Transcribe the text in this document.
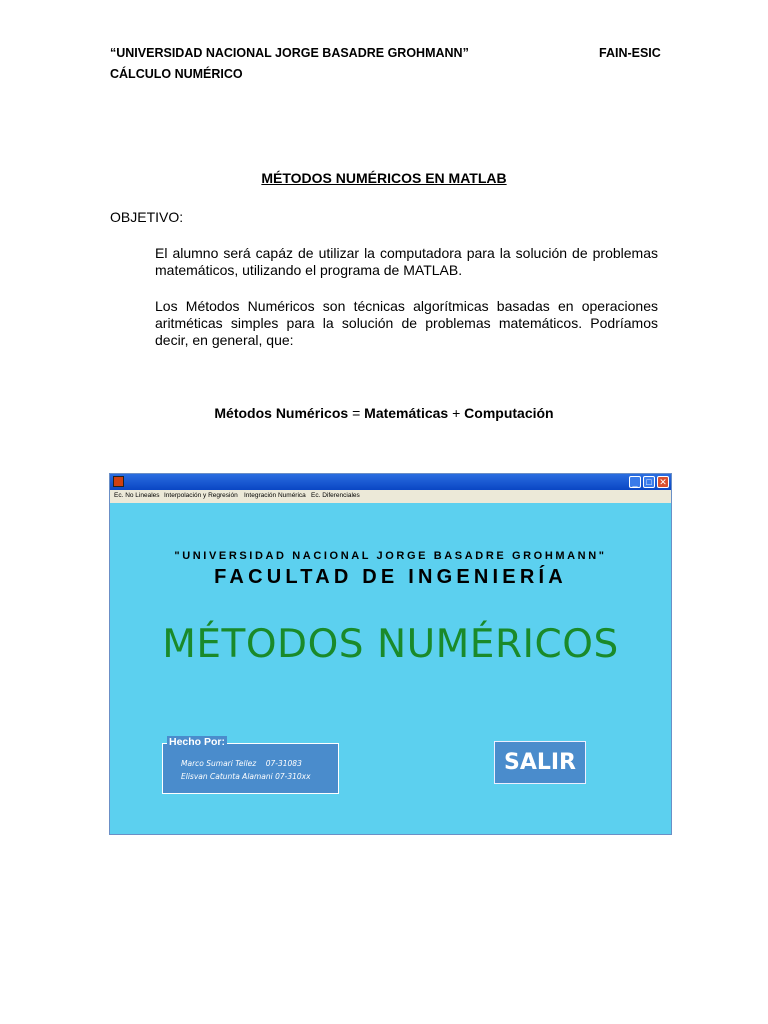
“UNIVERSIDAD NACIONAL JORGE BASADRE GROHMANN”
CÁLCULO NUMÉRICO
FAIN-ESIC
MÉTODOS NUMÉRICOS EN MATLAB
OBJETIVO:
El alumno será capáz de utilizar la computadora para la solución de problemas matemáticos, utilizando el programa de MATLAB.
Los Métodos Numéricos son técnicas algorítmicas basadas en operaciones aritméticas simples para la solución de problemas matemáticos. Podríamos decir, en general, que:
Métodos Numéricos = Matemáticas + Computación
_ □ ✕
Ec. No Lineales Interpolación y Regresión Integración Numérica Ec. Diferenciales
"UNIVERSIDAD NACIONAL JORGE BASADRE GROHMANN"
FACULTAD DE INGENIERÍA
MÉTODOS NUMÉRICOS
Marco Sumari Tellez    07-31083
Elisvan Catunta Alamani 07-310xx
Hecho Por:
SALIR
